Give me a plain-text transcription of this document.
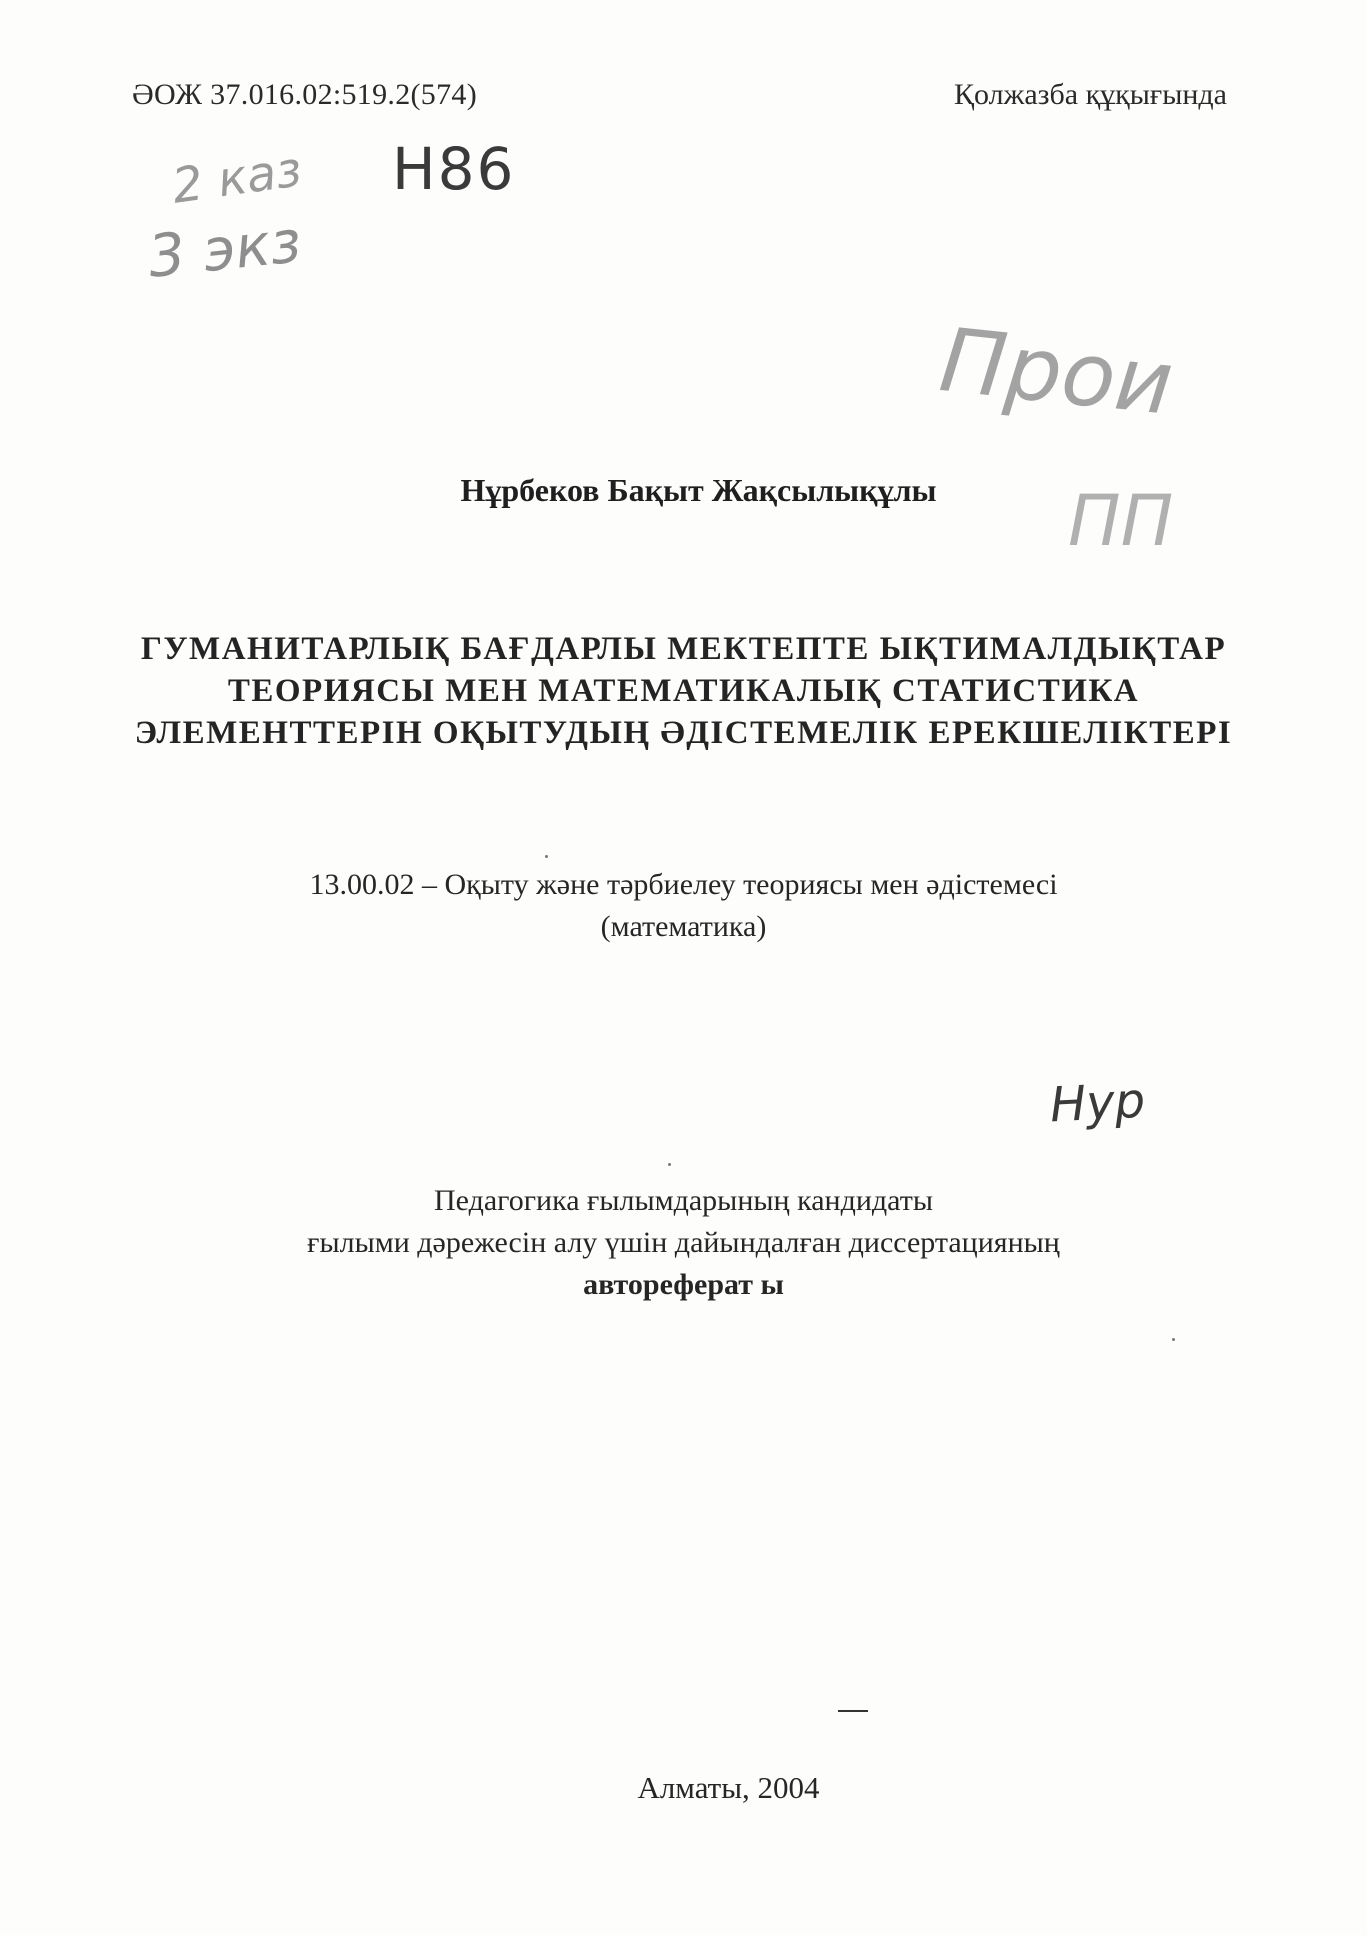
ӘОЖ 37.016.02:519.2(574)	Қолжазба құқығында
2 каз Н86
3 экз
Прои
ПП
Нур
Нұрбеков Бақыт Жақсылықұлы
ГУМАНИТАРЛЫҚ БАҒДАРЛЫ МЕКТЕПТЕ ЫҚТИМАЛДЫҚТАР
ТЕОРИЯСЫ МЕН МАТЕМАТИКАЛЫҚ СТАТИСТИКА
ЭЛЕМЕНТТЕРІН ОҚЫТУДЫҢ ӘДІСТЕМЕЛІК ЕРЕКШЕЛІКТЕРІ
13.00.02 – Оқыту және тәрбиелеу теориясы мен әдістемесі
(математика)
Педагогика ғылымдарының кандидаты
ғылыми дәрежесін алу үшін дайындалған диссертацияның
автореферат ы
Алматы, 2004
